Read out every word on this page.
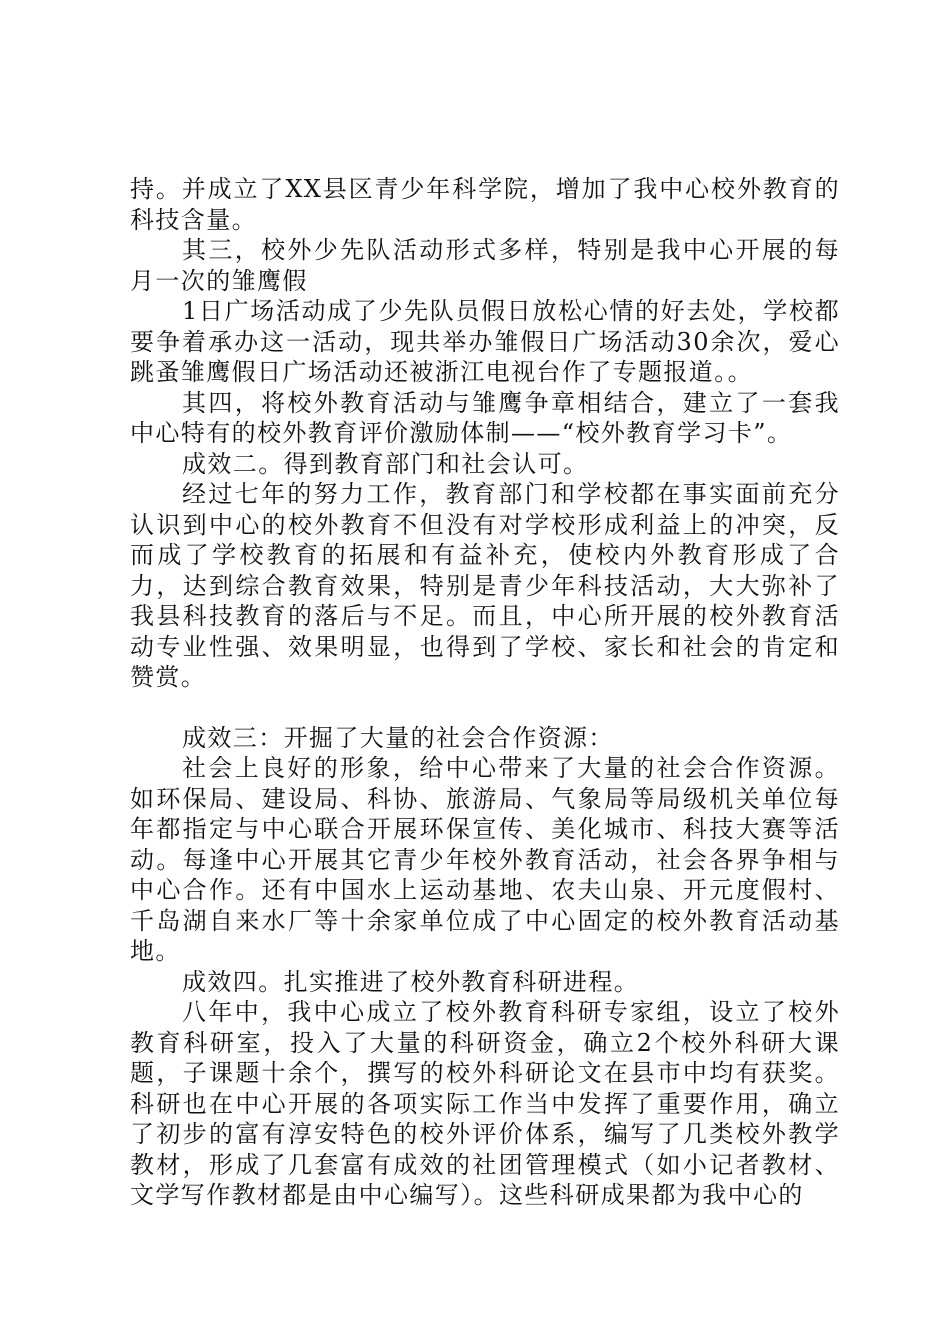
持。并成立了XX县区青少年科学院，增加了我中心校外教育的科技含量。

其三，校外少先队活动形式多样，特别是我中心开展的每月一次的雏鹰假

1日广场活动成了少先队员假日放松心情的好去处，学校都要争着承办这一活动，现共举办雏假日广场活动30余次，爱心跳蚤雏鹰假日广场活动还被浙江电视台作了专题报道。。

其四，将校外教育活动与雏鹰争章相结合，建立了一套我中心特有的校外教育评价激励体制——“校外教育学习卡”。

成效二。得到教育部门和社会认可。

经过七年的努力工作，教育部门和学校都在事实面前充分认识到中心的校外教育不但没有对学校形成利益上的冲突，反而成了学校教育的拓展和有益补充，使校内外教育形成了合力，达到综合教育效果，特别是青少年科技活动，大大弥补了我县科技教育的落后与不足。而且，中心所开展的校外教育活动专业性强、效果明显，也得到了学校、家长和社会的肯定和赞赏。

成效三：开掘了大量的社会合作资源：

社会上良好的形象，给中心带来了大量的社会合作资源。如环保局、建设局、科协、旅游局、气象局等局级机关单位每年都指定与中心联合开展环保宣传、美化城市、科技大赛等活动。每逢中心开展其它青少年校外教育活动，社会各界争相与中心合作。还有中国水上运动基地、农夫山泉、开元度假村、千岛湖自来水厂等十余家单位成了中心固定的校外教育活动基地。

成效四。扎实推进了校外教育科研进程。

八年中，我中心成立了校外教育科研专家组，设立了校外教育科研室，投入了大量的科研资金，确立2个校外科研大课题，子课题十余个，撰写的校外科研论文在县市中均有获奖。科研也在中心开展的各项实际工作当中发挥了重要作用，确立了初步的富有淳安特色的校外评价体系，编写了几类校外教学教材，形成了几套富有成效的社团管理模式（如小记者教材、文学写作教材都是由中心编写）。这些科研成果都为我中心的
